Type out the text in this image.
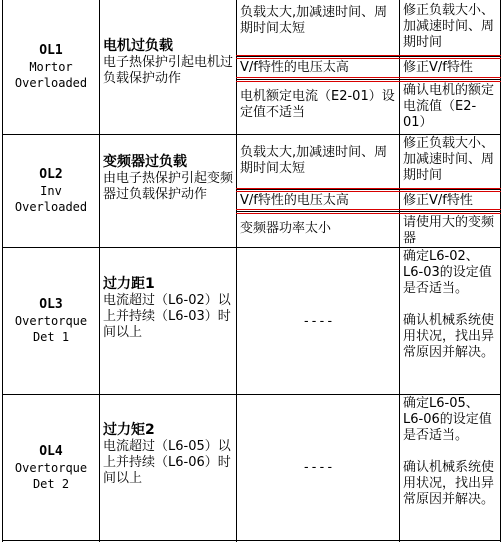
OL1
Mortor
Overloaded
电机过负载
电子热保护引起电机过负载保护动作
负载太大,加减速时间、周期时间太短
V/f特性的电压太高
电机额定电流（E2-01）设定值不适当
修正负载大小、加减速时间、周期时间
修正V/f特性
确认电机的额定电流值（E2-01）
OL2
Inv
Overloaded
变频器过负载
由电子热保护引起变频器过负载保护动作
负载太大,加减速时间、周期时间太短
V/f特性的电压太高
变频器功率太小
修正负载大小、加减速时间、周期时间
修正V/f特性
请使用大的变频器
OL3
Overtorque
Det 1
过力距1
电流超过（L6-02）以上并持续（L6-03）时间以上
----

确定L6-02、L6-03的设定值是否适当。

确认机械系统使用状况，找出异常原因并解决。

OL4
Overtorque
Det 2
过力矩2
电流超过（L6-05）以上并持续（L6-06）时间以上
----

确定L6-05、L6-06的设定值是否适当。

确认机械系统使用状况，找出异常原因并解决。
